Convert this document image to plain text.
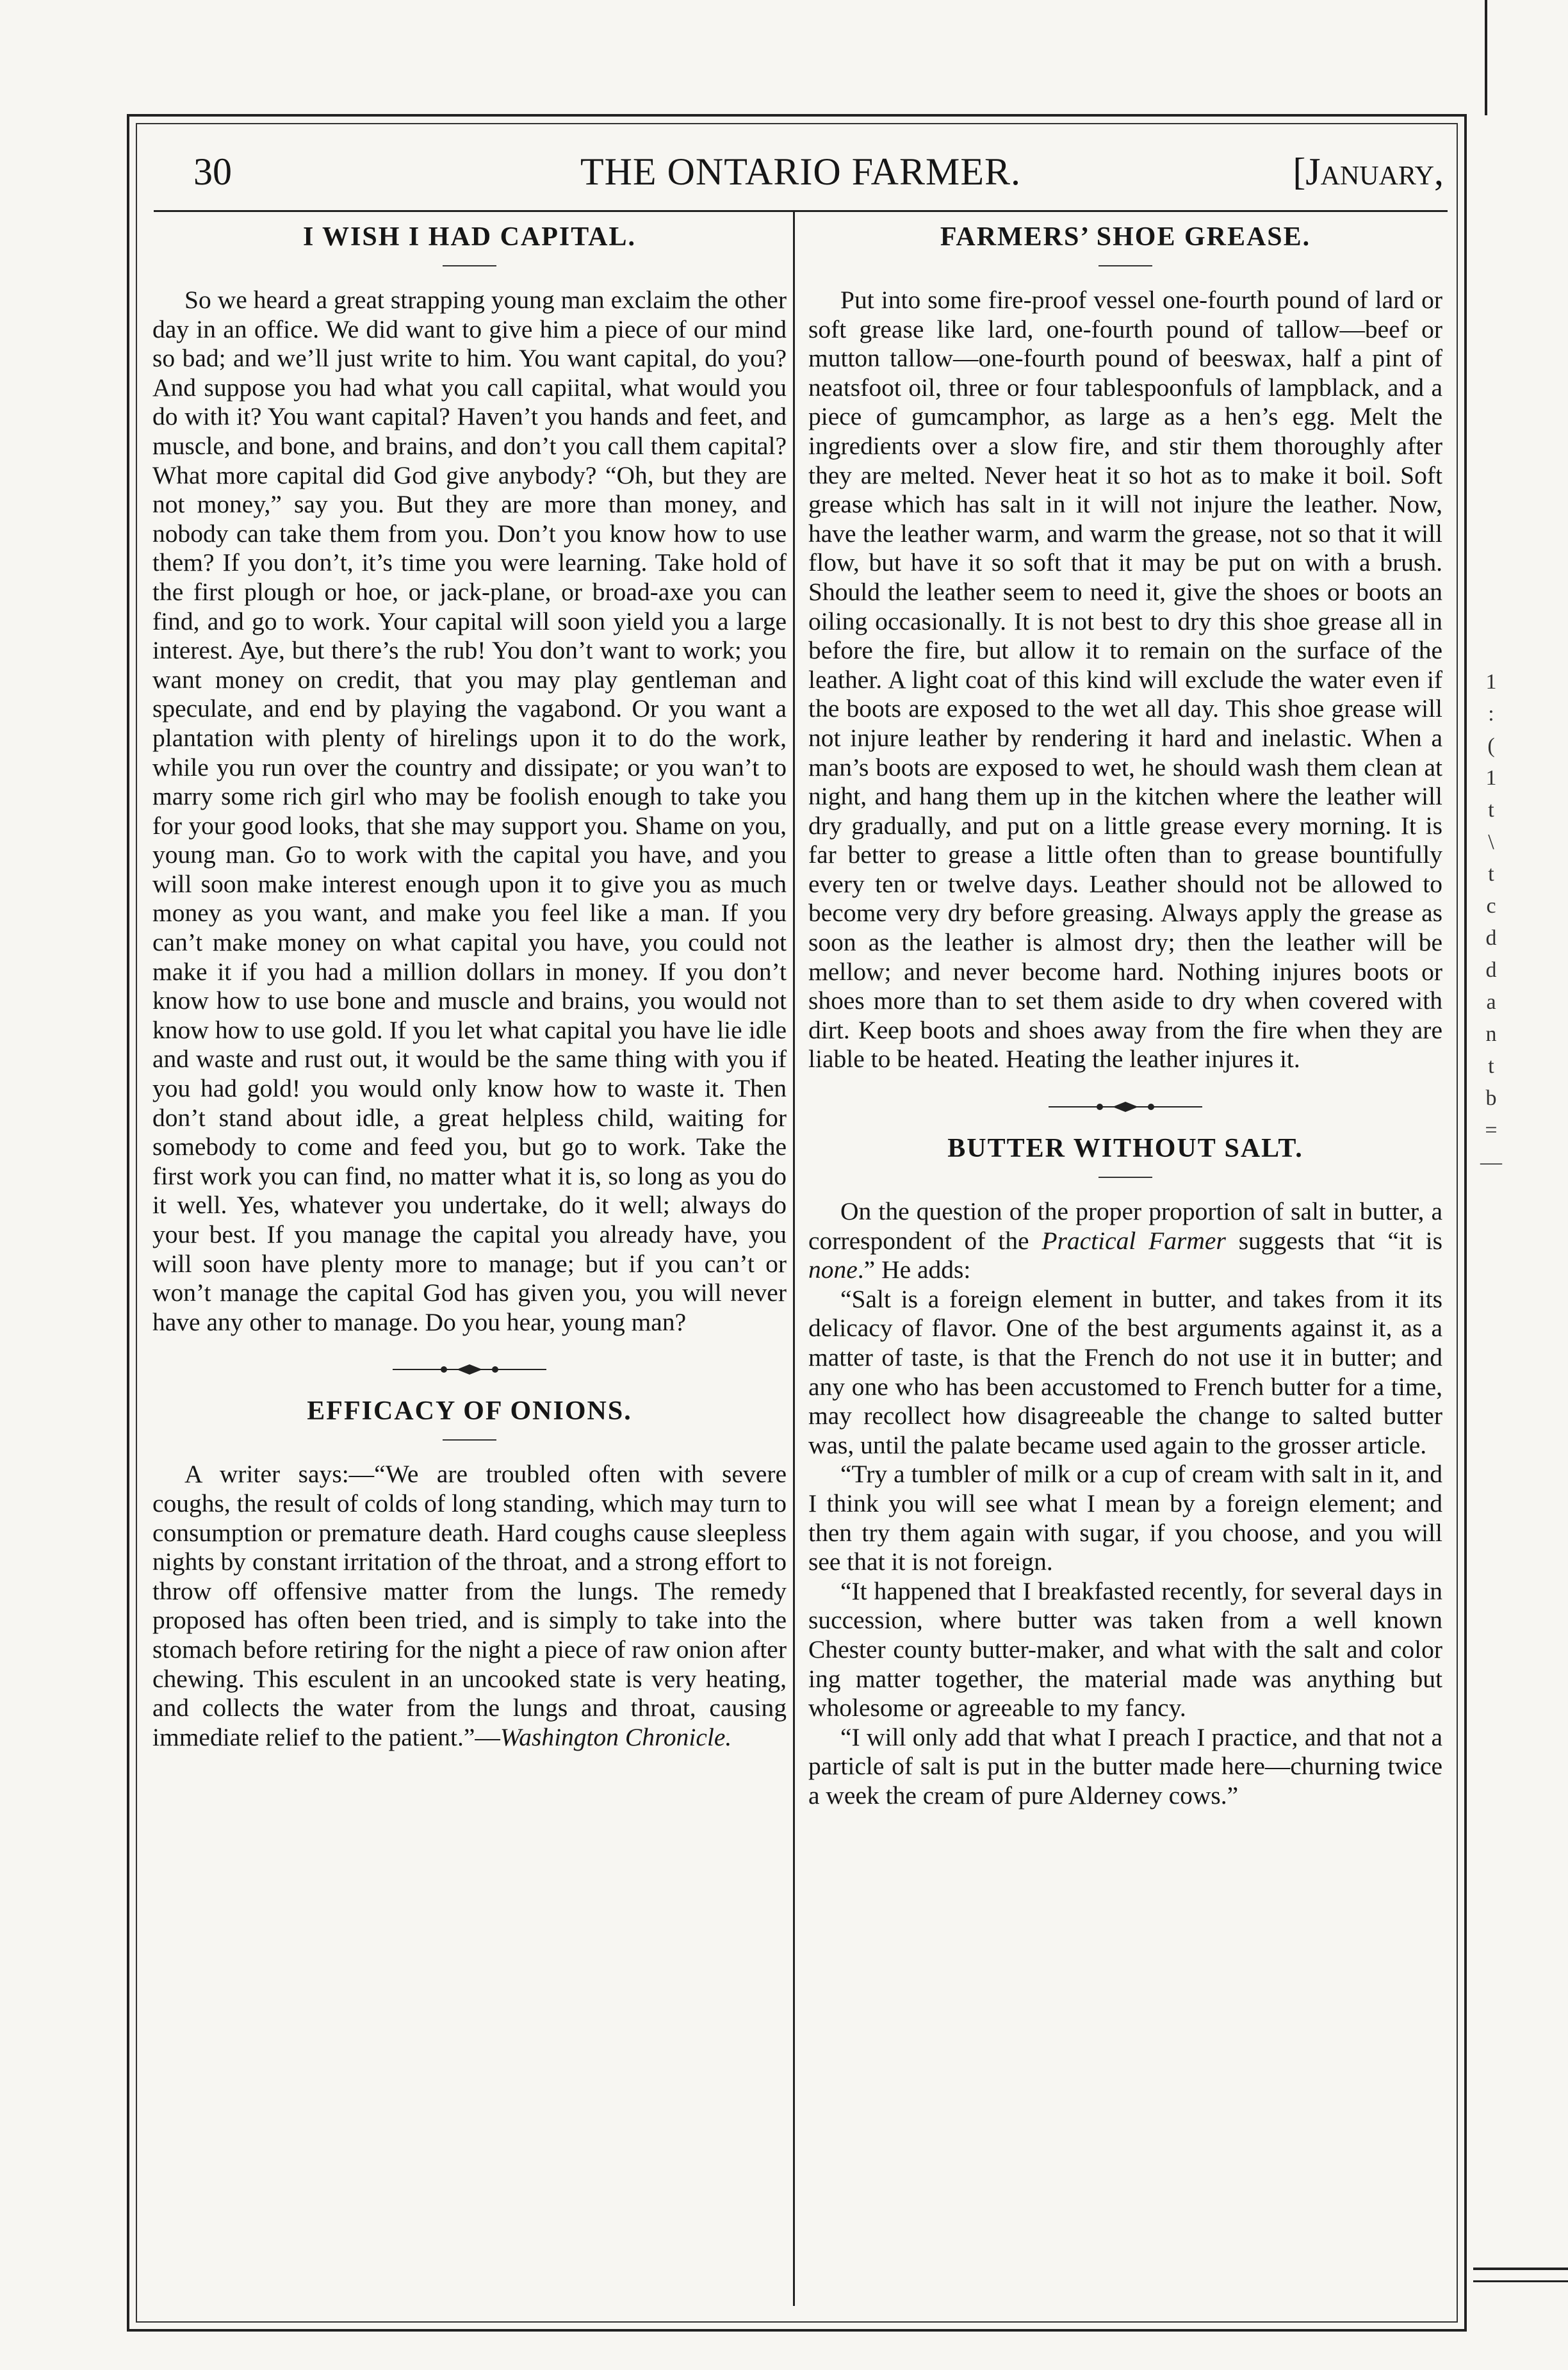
30	THE ONTARIO FARMER.	[January,
I WISH I HAD CAPITAL.

So we heard a great strapping young man exclaim the other day in an office. We did want to give him a piece of our mind so bad; and we’ll just write to him. You want capital, do you? And suppose you had what you call capiital, what would you do with it? You want capital? Haven’t you hands and feet, and muscle, and bone, and brains, and don’t you call them capital? What more capital did God give anybody? “Oh, but they are not money,” say you. But they are more than money, and nobody can take them from you. Don’t you know how to use them? If you don’t, it’s time you were learning. Take hold of the first plough or hoe, or jack-plane, or broad-axe you can find, and go to work. Your capital will soon yield you a large interest. Aye, but there’s the rub! You don’t want to work; you want money on credit, that you may play gentleman and speculate, and end by playing the vagabond. Or you want a plantation with plenty of hirelings upon it to do the work, while you run over the country and dissipate; or you wan’t to marry some rich girl who may be foolish enough to take you for your good looks, that she may support you. Shame on you, young man. Go to work with the capital you have, and you will soon make interest enough upon it to give you as much money as you want, and make you feel like a man. If you can’t make money on what capital you have, you could not make it if you had a million dollars in money. If you don’t know how to use bone and muscle and brains, you would not know how to use gold. If you let what capital you have lie idle and waste and rust out, it would be the same thing with you if you had gold! you would only know how to waste it. Then don’t stand about idle, a great helpless child, waiting for somebody to come and feed you, but go to work. Take the first work you can find, no matter what it is, so long as you do it well. Yes, whatever you undertake, do it well; always do your best. If you manage the capital you already have, you will soon have plenty more to manage; but if you can’t or won’t manage the capital God has given you, you will never have any other to manage. Do you hear, young man?

EFFICACY OF ONIONS.

A writer says:—“We are troubled often with severe coughs, the result of colds of long standing, which may turn to consumption or premature death. Hard coughs cause sleepless nights by constant irritation of the throat, and a strong effort to throw off offensive matter from the lungs. The remedy proposed has often been tried, and is simply to take into the stomach before retiring for the night a piece of raw onion after chewing. This esculent in an uncooked state is very heating, and collects the water from the lungs and throat, causing immediate relief to the patient.”—Washington Chronicle.

FARMERS’ SHOE GREASE.

Put into some fire-proof vessel one-fourth pound of lard or soft grease like lard, one-fourth pound of tallow—beef or mutton tallow—one-fourth pound of beeswax, half a pint of neatsfoot oil, three or four tablespoonfuls of lampblack, and a piece of gumcamphor, as large as a hen’s egg. Melt the ingredients over a slow fire, and stir them thoroughly after they are melted. Never heat it so hot as to make it boil. Soft grease which has salt in it will not injure the leather. Now, have the leather warm, and warm the grease, not so that it will flow, but have it so soft that it may be put on with a brush. Should the leather seem to need it, give the shoes or boots an oiling occasionally. It is not best to dry this shoe grease all in before the fire, but allow it to remain on the surface of the leather. A light coat of this kind will exclude the water even if the boots are exposed to the wet all day. This shoe grease will not injure leather by rendering it hard and inelastic. When a man’s boots are exposed to wet, he should wash them clean at night, and hang them up in the kitchen where the leather will dry gradually, and put on a little grease every morning. It is far better to grease a little often than to grease bountifully every ten or twelve days. Leather should not be allowed to become very dry before greasing. Always apply the grease as soon as the leather is almost dry; then the leather will be mellow; and never become hard. Nothing injures boots or shoes more than to set them aside to dry when covered with dirt. Keep boots and shoes away from the fire when they are liable to be heated. Heating the leather injures it.

BUTTER WITHOUT SALT.

On the question of the proper proportion of salt in butter, a correspondent of the Practical Farmer suggests that “it is none.” He adds:

“Salt is a foreign element in butter, and takes from it its delicacy of flavor. One of the best arguments against it, as a matter of taste, is that the French do not use it in butter; and any one who has been accustomed to French butter for a time, may recollect how disagreeable the change to salted butter was, until the palate became used again to the grosser article.

“Try a tumbler of milk or a cup of cream with salt in it, and I think you will see what I mean by a foreign element; and then try them again with sugar, if you choose, and you will see that it is not foreign.

“It happened that I breakfasted recently, for several days in succession, where butter was taken from a well known Chester county butter-maker, and what with the salt and color ing matter together, the material made was anything but wholesome or agreeable to my fancy.

“I will only add that what I preach I practice, and that not a particle of salt is put in the butter made here—churning twice a week the cream of pure Alderney cows.”

1
:
(
1
t
\
t
c
d
d
a
n
t
b
=
—
